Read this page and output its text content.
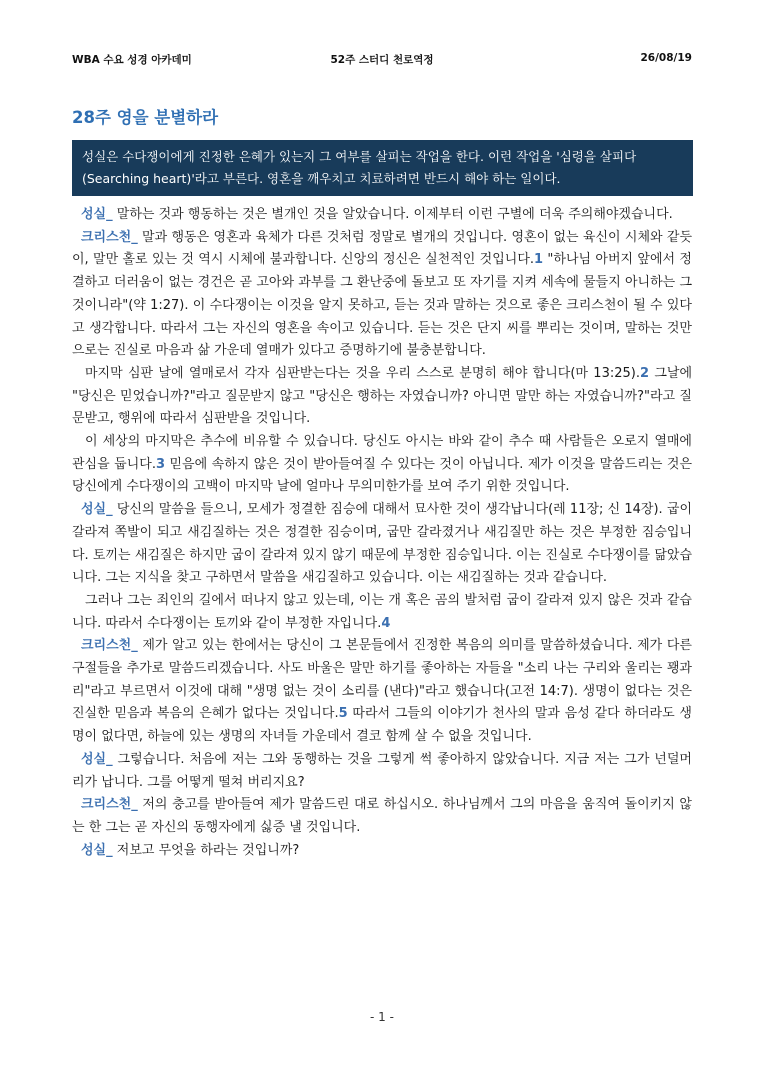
WBA 수요 성경 아카데미	52주 스터디 천로역정	26/08/19
28주 영을 분별하라
성실은 수다쟁이에게 진정한 은혜가 있는지 그 여부를 살피는 작업을 한다. 이런 작업을 '심령을 살피다(Searching heart)'라고 부른다. 영혼을 깨우치고 치료하려면 반드시 해야 하는 일이다.

성실_ 말하는 것과 행동하는 것은 별개인 것을 알았습니다. 이제부터 이런 구별에 더욱 주의해야겠습니다.

크리스천_ 말과 행동은 영혼과 육체가 다른 것처럼 정말로 별개의 것입니다. 영혼이 없는 육신이 시체와 같듯이, 말만 홀로 있는 것 역시 시체에 불과합니다. 신앙의 정신은 실천적인 것입니다.1 "하나님 아버지 앞에서 정결하고 더러움이 없는 경건은 곧 고아와 과부를 그 환난중에 돌보고 또 자기를 지켜 세속에 물들지 아니하는 그것이니라"(약 1:27). 이 수다쟁이는 이것을 알지 못하고, 듣는 것과 말하는 것으로 좋은 크리스천이 될 수 있다고 생각합니다. 따라서 그는 자신의 영혼을 속이고 있습니다. 듣는 것은 단지 씨를 뿌리는 것이며, 말하는 것만으로는 진실로 마음과 삶 가운데 열매가 있다고 증명하기에 불충분합니다.

마지막 심판 날에 열매로서 각자 심판받는다는 것을 우리 스스로 분명히 해야 합니다(마 13:25).2 그날에 "당신은 믿었습니까?"라고 질문받지 않고 "당신은 행하는 자였습니까? 아니면 말만 하는 자였습니까?"라고 질문받고, 행위에 따라서 심판받을 것입니다.

이 세상의 마지막은 추수에 비유할 수 있습니다. 당신도 아시는 바와 같이 추수 때 사람들은 오로지 열매에 관심을 둡니다.3 믿음에 속하지 않은 것이 받아들여질 수 있다는 것이 아닙니다. 제가 이것을 말씀드리는 것은 당신에게 수다쟁이의 고백이 마지막 날에 얼마나 무의미한가를 보여 주기 위한 것입니다.

성실_ 당신의 말씀을 들으니, 모세가 정결한 짐승에 대해서 묘사한 것이 생각납니다(레 11장; 신 14장). 굽이 갈라져 쪽발이 되고 새김질하는 것은 정결한 짐승이며, 굽만 갈라졌거나 새김질만 하는 것은 부정한 짐승입니다. 토끼는 새김질은 하지만 굽이 갈라져 있지 않기 때문에 부정한 짐승입니다. 이는 진실로 수다쟁이를 닮았습니다. 그는 지식을 찾고 구하면서 말씀을 새김질하고 있습니다. 이는 새김질하는 것과 같습니다.

그러나 그는 죄인의 길에서 떠나지 않고 있는데, 이는 개 혹은 곰의 발처럼 굽이 갈라져 있지 않은 것과 같습니다. 따라서 수다쟁이는 토끼와 같이 부정한 자입니다.4

크리스천_ 제가 알고 있는 한에서는 당신이 그 본문들에서 진정한 복음의 의미를 말씀하셨습니다. 제가 다른 구절들을 추가로 말씀드리겠습니다. 사도 바울은 말만 하기를 좋아하는 자들을 "소리 나는 구리와 울리는 꽹과리"라고 부르면서 이것에 대해 "생명 없는 것이 소리를 (낸다)"라고 했습니다(고전 14:7). 생명이 없다는 것은 진실한 믿음과 복음의 은혜가 없다는 것입니다.5 따라서 그들의 이야기가 천사의 말과 음성 같다 하더라도 생명이 없다면, 하늘에 있는 생명의 자녀들 가운데서 결코 함께 살 수 없을 것입니다.

성실_ 그렇습니다. 처음에 저는 그와 동행하는 것을 그렇게 썩 좋아하지 않았습니다. 지금 저는 그가 넌덜머리가 납니다. 그를 어떻게 떨쳐 버리지요?

크리스천_ 저의 충고를 받아들여 제가 말씀드린 대로 하십시오. 하나님께서 그의 마음을 움직여 돌이키지 않는 한 그는 곧 자신의 동행자에게 싫증 낼 것입니다.

성실_ 저보고 무엇을 하라는 것입니까?

- 1 -
